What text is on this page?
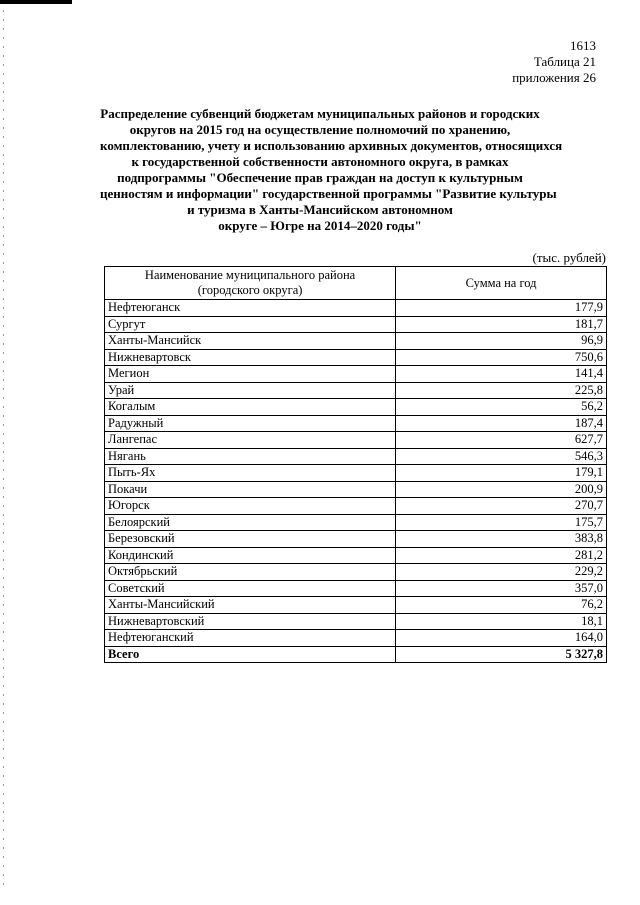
1613
Таблица 21
приложения 26
Распределение субвенций бюджетам муниципальных районов и городских
округов на 2015 год на осуществление полномочий по хранению,
комплектованию, учету и использованию архивных документов, относящихся
к государственной собственности автономного округа, в рамках
подпрограммы "Обеспечение прав граждан на доступ к культурным
ценностям и информации" государственной программы "Развитие культуры
и туризма в Ханты-Мансийском автономном
округе – Югре на 2014–2020 годы"
(тыс. рублей)
Наименование муниципального района
(городского округа)	Сумма на год
Нефтеюганск	177,9
Сургут	181,7
Ханты-Мансийск	96,9
Нижневартовск	750,6
Мегион	141,4
Урай	225,8
Когалым	56,2
Радужный	187,4
Лангепас	627,7
Нягань	546,3
Пыть-Ях	179,1
Покачи	200,9
Югорск	270,7
Белоярский	175,7
Березовский	383,8
Кондинский	281,2
Октябрьский	229,2
Советский	357,0
Ханты-Мансийский	76,2
Нижневартовский	18,1
Нефтеюганский	164,0
Всего	5 327,8
